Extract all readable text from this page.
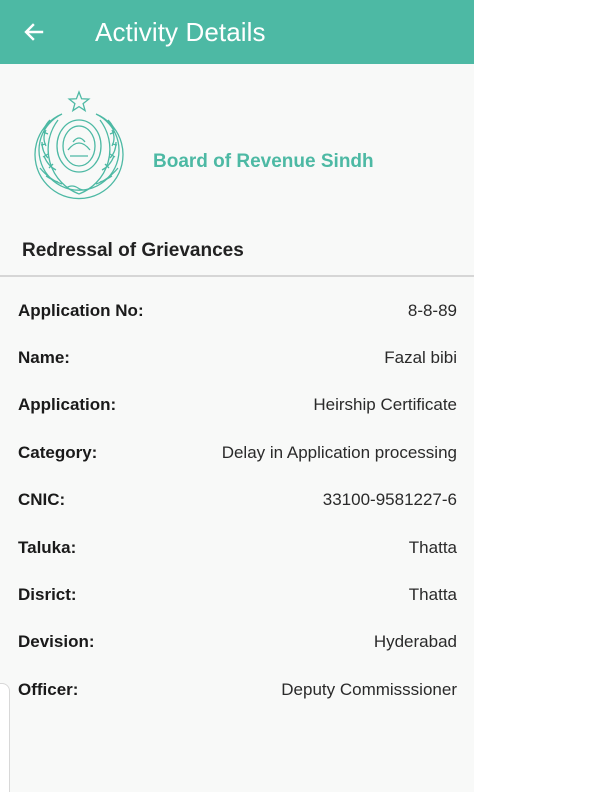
Activity Details
Board of Revenue Sindh
Redressal of Grievances
Application No:	8-8-89
Name:	Fazal bibi
Application:	Heirship Certificate
Category:	Delay in Application processing
CNIC:	33100-9581227-6
Taluka:	Thatta
Disrict:	Thatta
Devision:	Hyderabad
Officer:	Deputy Commisssioner
